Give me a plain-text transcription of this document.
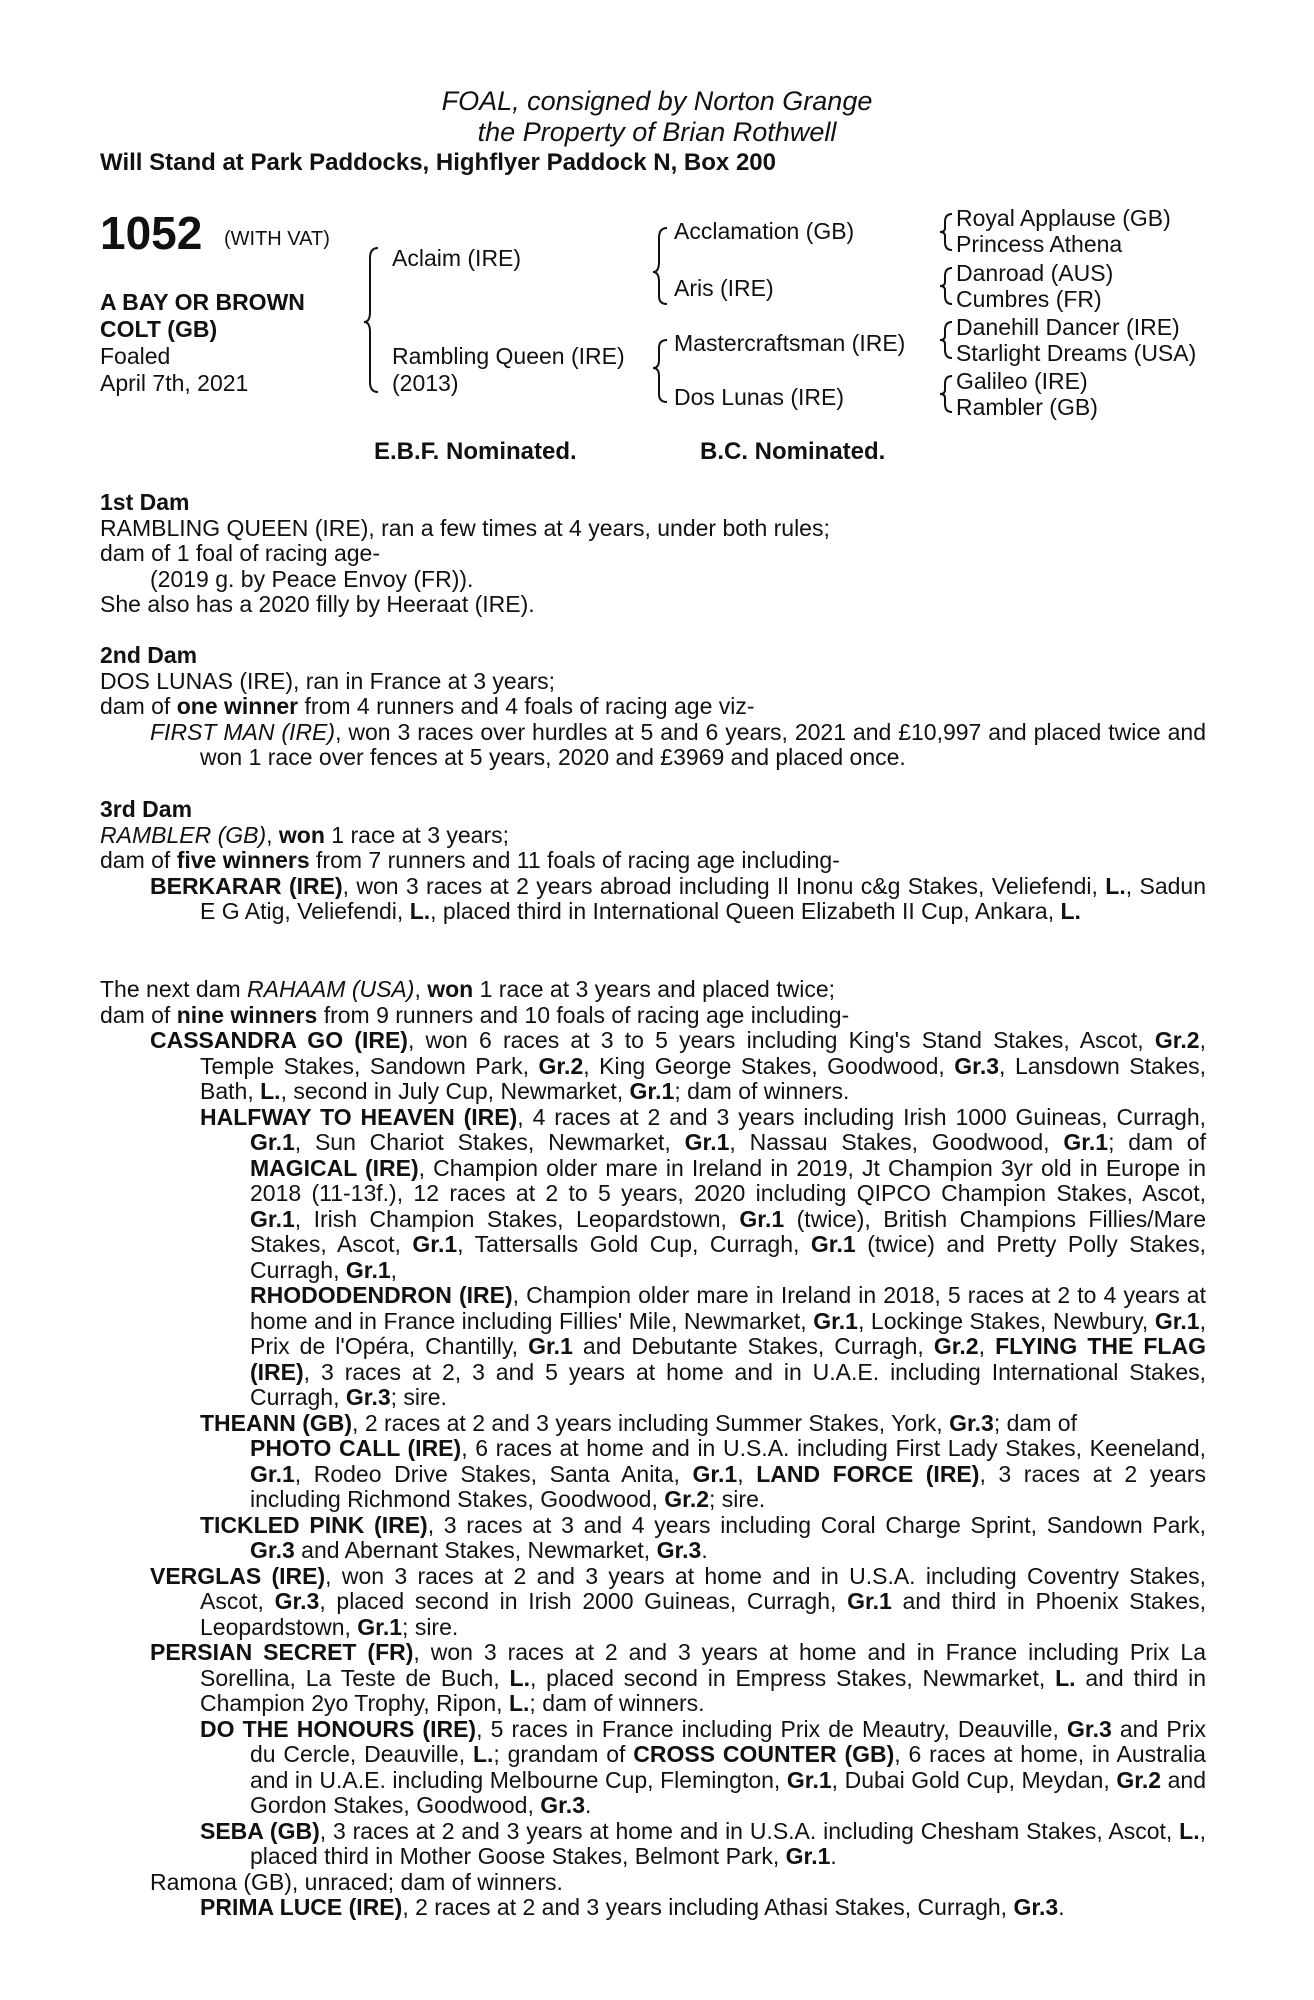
FOAL, consigned by Norton Grange
the Property of Brian Rothwell
Will Stand at Park Paddocks, Highflyer Paddock N, Box 200
1052 (WITH VAT)
A BAY OR BROWN
COLT (GB)
Foaled
April 7th, 2021
Aclaim (IRE)
Rambling Queen (IRE)
(2013)
Acclamation (GB)
Aris (IRE)
Mastercraftsman (IRE)
Dos Lunas (IRE)
Royal Applause (GB)
Princess Athena
Danroad (AUS)
Cumbres (FR)
Danehill Dancer (IRE)
Starlight Dreams (USA)
Galileo (IRE)
Rambler (GB)
E.B.F. Nominated.	B.C. Nominated.

1st Dam

RAMBLING QUEEN (IRE), ran a few times at 4 years, under both rules;

dam of 1 foal of racing age-

(2019 g. by Peace Envoy (FR)).

She also has a 2020 filly by Heeraat (IRE).

2nd Dam

DOS LUNAS (IRE), ran in France at 3 years;

dam of one winner from 4 runners and 4 foals of racing age viz-

FIRST MAN (IRE), won 3 races over hurdles at 5 and 6 years, 2021 and £10,997 and placed twice and won 1 race over fences at 5 years, 2020 and £3969 and placed once.

3rd Dam

RAMBLER (GB), won 1 race at 3 years;

dam of five winners from 7 runners and 11 foals of racing age including-

BERKARAR (IRE), won 3 races at 2 years abroad including Il Inonu c&g Stakes, Veliefendi, L., Sadun E G Atig, Veliefendi, L., placed third in International Queen Elizabeth II Cup, Ankara, L.

The next dam RAHAAM (USA), won 1 race at 3 years and placed twice;

dam of nine winners from 9 runners and 10 foals of racing age including-

CASSANDRA GO (IRE), won 6 races at 3 to 5 years including King's Stand Stakes, Ascot, Gr.2, Temple Stakes, Sandown Park, Gr.2, King George Stakes, Goodwood, Gr.3, Lansdown Stakes, Bath, L., second in July Cup, Newmarket, Gr.1; dam of winners.

HALFWAY TO HEAVEN (IRE), 4 races at 2 and 3 years including Irish 1000 Guineas, Curragh, Gr.1, Sun Chariot Stakes, Newmarket, Gr.1, Nassau Stakes, Goodwood, Gr.1; dam of MAGICAL (IRE), Champion older mare in Ireland in 2019, Jt Champion 3yr old in Europe in 2018 (11-13f.), 12 races at 2 to 5 years, 2020 including QIPCO Champion Stakes, Ascot, Gr.1, Irish Champion Stakes, Leopardstown, Gr.1 (twice), British Champions Fillies/Mare Stakes, Ascot, Gr.1, Tattersalls Gold Cup, Curragh, Gr.1 (twice) and Pretty Polly Stakes, Curragh, Gr.1,

RHODODENDRON (IRE), Champion older mare in Ireland in 2018, 5 races at 2 to 4 years at home and in France including Fillies' Mile, Newmarket, Gr.1, Lockinge Stakes, Newbury, Gr.1, Prix de l'Opéra, Chantilly, Gr.1 and Debutante Stakes, Curragh, Gr.2, FLYING THE FLAG (IRE), 3 races at 2, 3 and 5 years at home and in U.A.E. including International Stakes, Curragh, Gr.3; sire.

THEANN (GB), 2 races at 2 and 3 years including Summer Stakes, York, Gr.3; dam of

PHOTO CALL (IRE), 6 races at home and in U.S.A. including First Lady Stakes, Keeneland, Gr.1, Rodeo Drive Stakes, Santa Anita, Gr.1, LAND FORCE (IRE), 3 races at 2 years including Richmond Stakes, Goodwood, Gr.2; sire.

TICKLED PINK (IRE), 3 races at 3 and 4 years including Coral Charge Sprint, Sandown Park, Gr.3 and Abernant Stakes, Newmarket, Gr.3.

VERGLAS (IRE), won 3 races at 2 and 3 years at home and in U.S.A. including Coventry Stakes, Ascot, Gr.3, placed second in Irish 2000 Guineas, Curragh, Gr.1 and third in Phoenix Stakes, Leopardstown, Gr.1; sire.

PERSIAN SECRET (FR), won 3 races at 2 and 3 years at home and in France including Prix La Sorellina, La Teste de Buch, L., placed second in Empress Stakes, Newmarket, L. and third in Champion 2yo Trophy, Ripon, L.; dam of winners.

DO THE HONOURS (IRE), 5 races in France including Prix de Meautry, Deauville, Gr.3 and Prix du Cercle, Deauville, L.; grandam of CROSS COUNTER (GB), 6 races at home, in Australia and in U.A.E. including Melbourne Cup, Flemington, Gr.1, Dubai Gold Cup, Meydan, Gr.2 and Gordon Stakes, Goodwood, Gr.3.

SEBA (GB), 3 races at 2 and 3 years at home and in U.S.A. including Chesham Stakes, Ascot, L., placed third in Mother Goose Stakes, Belmont Park, Gr.1.

Ramona (GB), unraced; dam of winners.

PRIMA LUCE (IRE), 2 races at 2 and 3 years including Athasi Stakes, Curragh, Gr.3.
